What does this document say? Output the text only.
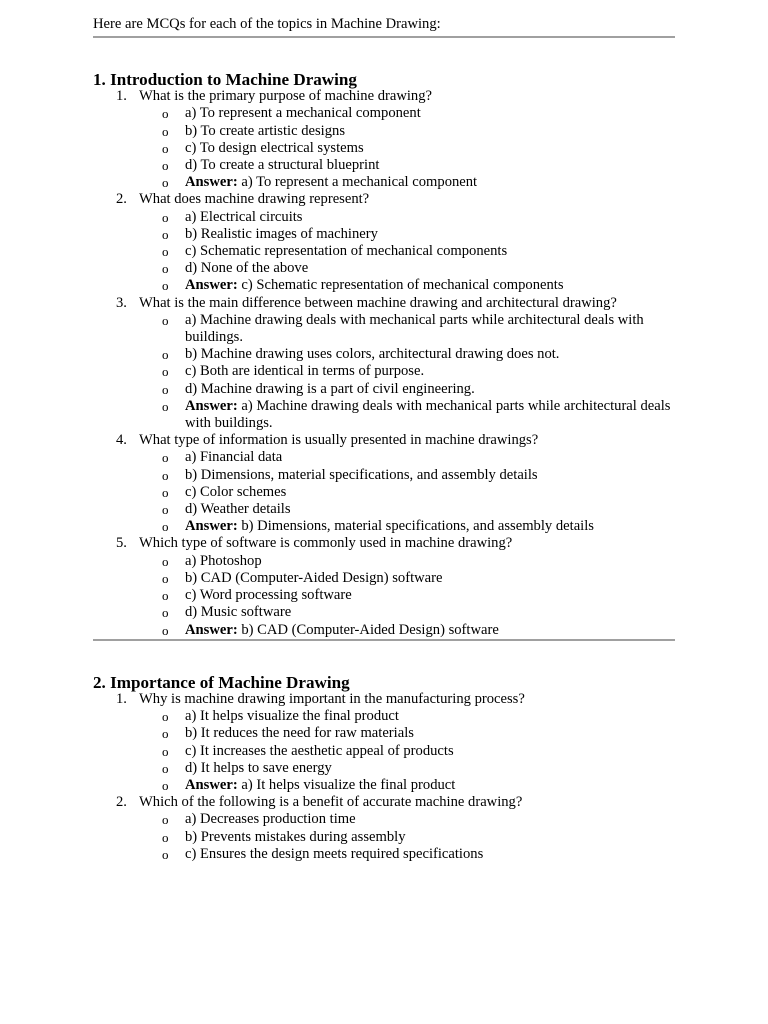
Here are MCQs for each of the topics in Machine Drawing:

1. Introduction to Machine Drawing
1. What is the primary purpose of machine drawing?
o a) To represent a mechanical component
o b) To create artistic designs
o c) To design electrical systems
o d) To create a structural blueprint
o Answer: a) To represent a mechanical component
2. What does machine drawing represent?
o a) Electrical circuits
o b) Realistic images of machinery
o c) Schematic representation of mechanical components
o d) None of the above
o Answer: c) Schematic representation of mechanical components
3. What is the main difference between machine drawing and architectural drawing?
o a) Machine drawing deals with mechanical parts while architectural deals with buildings.
o b) Machine drawing uses colors, architectural drawing does not.
o c) Both are identical in terms of purpose.
o d) Machine drawing is a part of civil engineering.
o Answer: a) Machine drawing deals with mechanical parts while architectural deals with buildings.
4. What type of information is usually presented in machine drawings?
o a) Financial data
o b) Dimensions, material specifications, and assembly details
o c) Color schemes
o d) Weather details
o Answer: b) Dimensions, material specifications, and assembly details
5. Which type of software is commonly used in machine drawing?
o a) Photoshop
o b) CAD (Computer-Aided Design) software
o c) Word processing software
o d) Music software
o Answer: b) CAD (Computer-Aided Design) software
2. Importance of Machine Drawing
1. Why is machine drawing important in the manufacturing process?
o a) It helps visualize the final product
o b) It reduces the need for raw materials
o c) It increases the aesthetic appeal of products
o d) It helps to save energy
o Answer: a) It helps visualize the final product
2. Which of the following is a benefit of accurate machine drawing?
o a) Decreases production time
o b) Prevents mistakes during assembly
o c) Ensures the design meets required specifications
